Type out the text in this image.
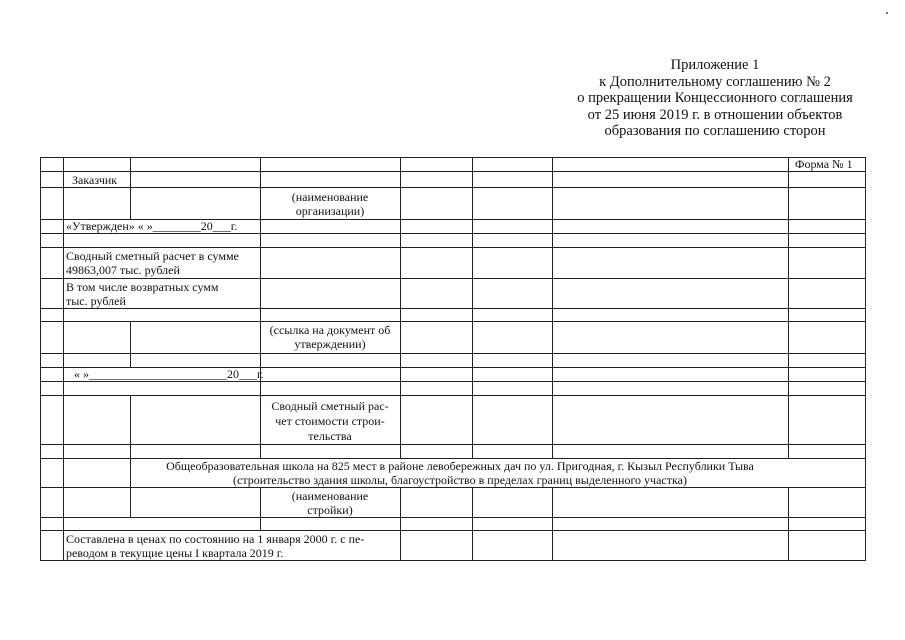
Приложение 1
к Дополнительному соглашению № 2
о прекращении Концессионного соглашения
от 25 июня 2019 г. в отношении объектов
образования по соглашению сторон
Форма № 1
Заказчик
(наименование
организации)
«Утвержден» « »________20___г.
Сводный сметный расчет в сумме
49863,007 тыс. рублей
В том числе возвратных сумм
тыс. рублей
(ссылка на документ об
утверждении)
« »_______________________20___г.
Сводный сметный рас-
чет стоимости строи-
тельства
Общеобразовательная школа на 825 мест в районе левобережных дач по ул. Пригодная, г. Кызыл Республики Тыва
(строительство здания школы, благоустройство в пределах границ выделенного участка)
(наименование
стройки)
Составлена в ценах по состоянию на 1 января 2000 г. с пе-
реводом в текущие цены I квартала 2019 г.
